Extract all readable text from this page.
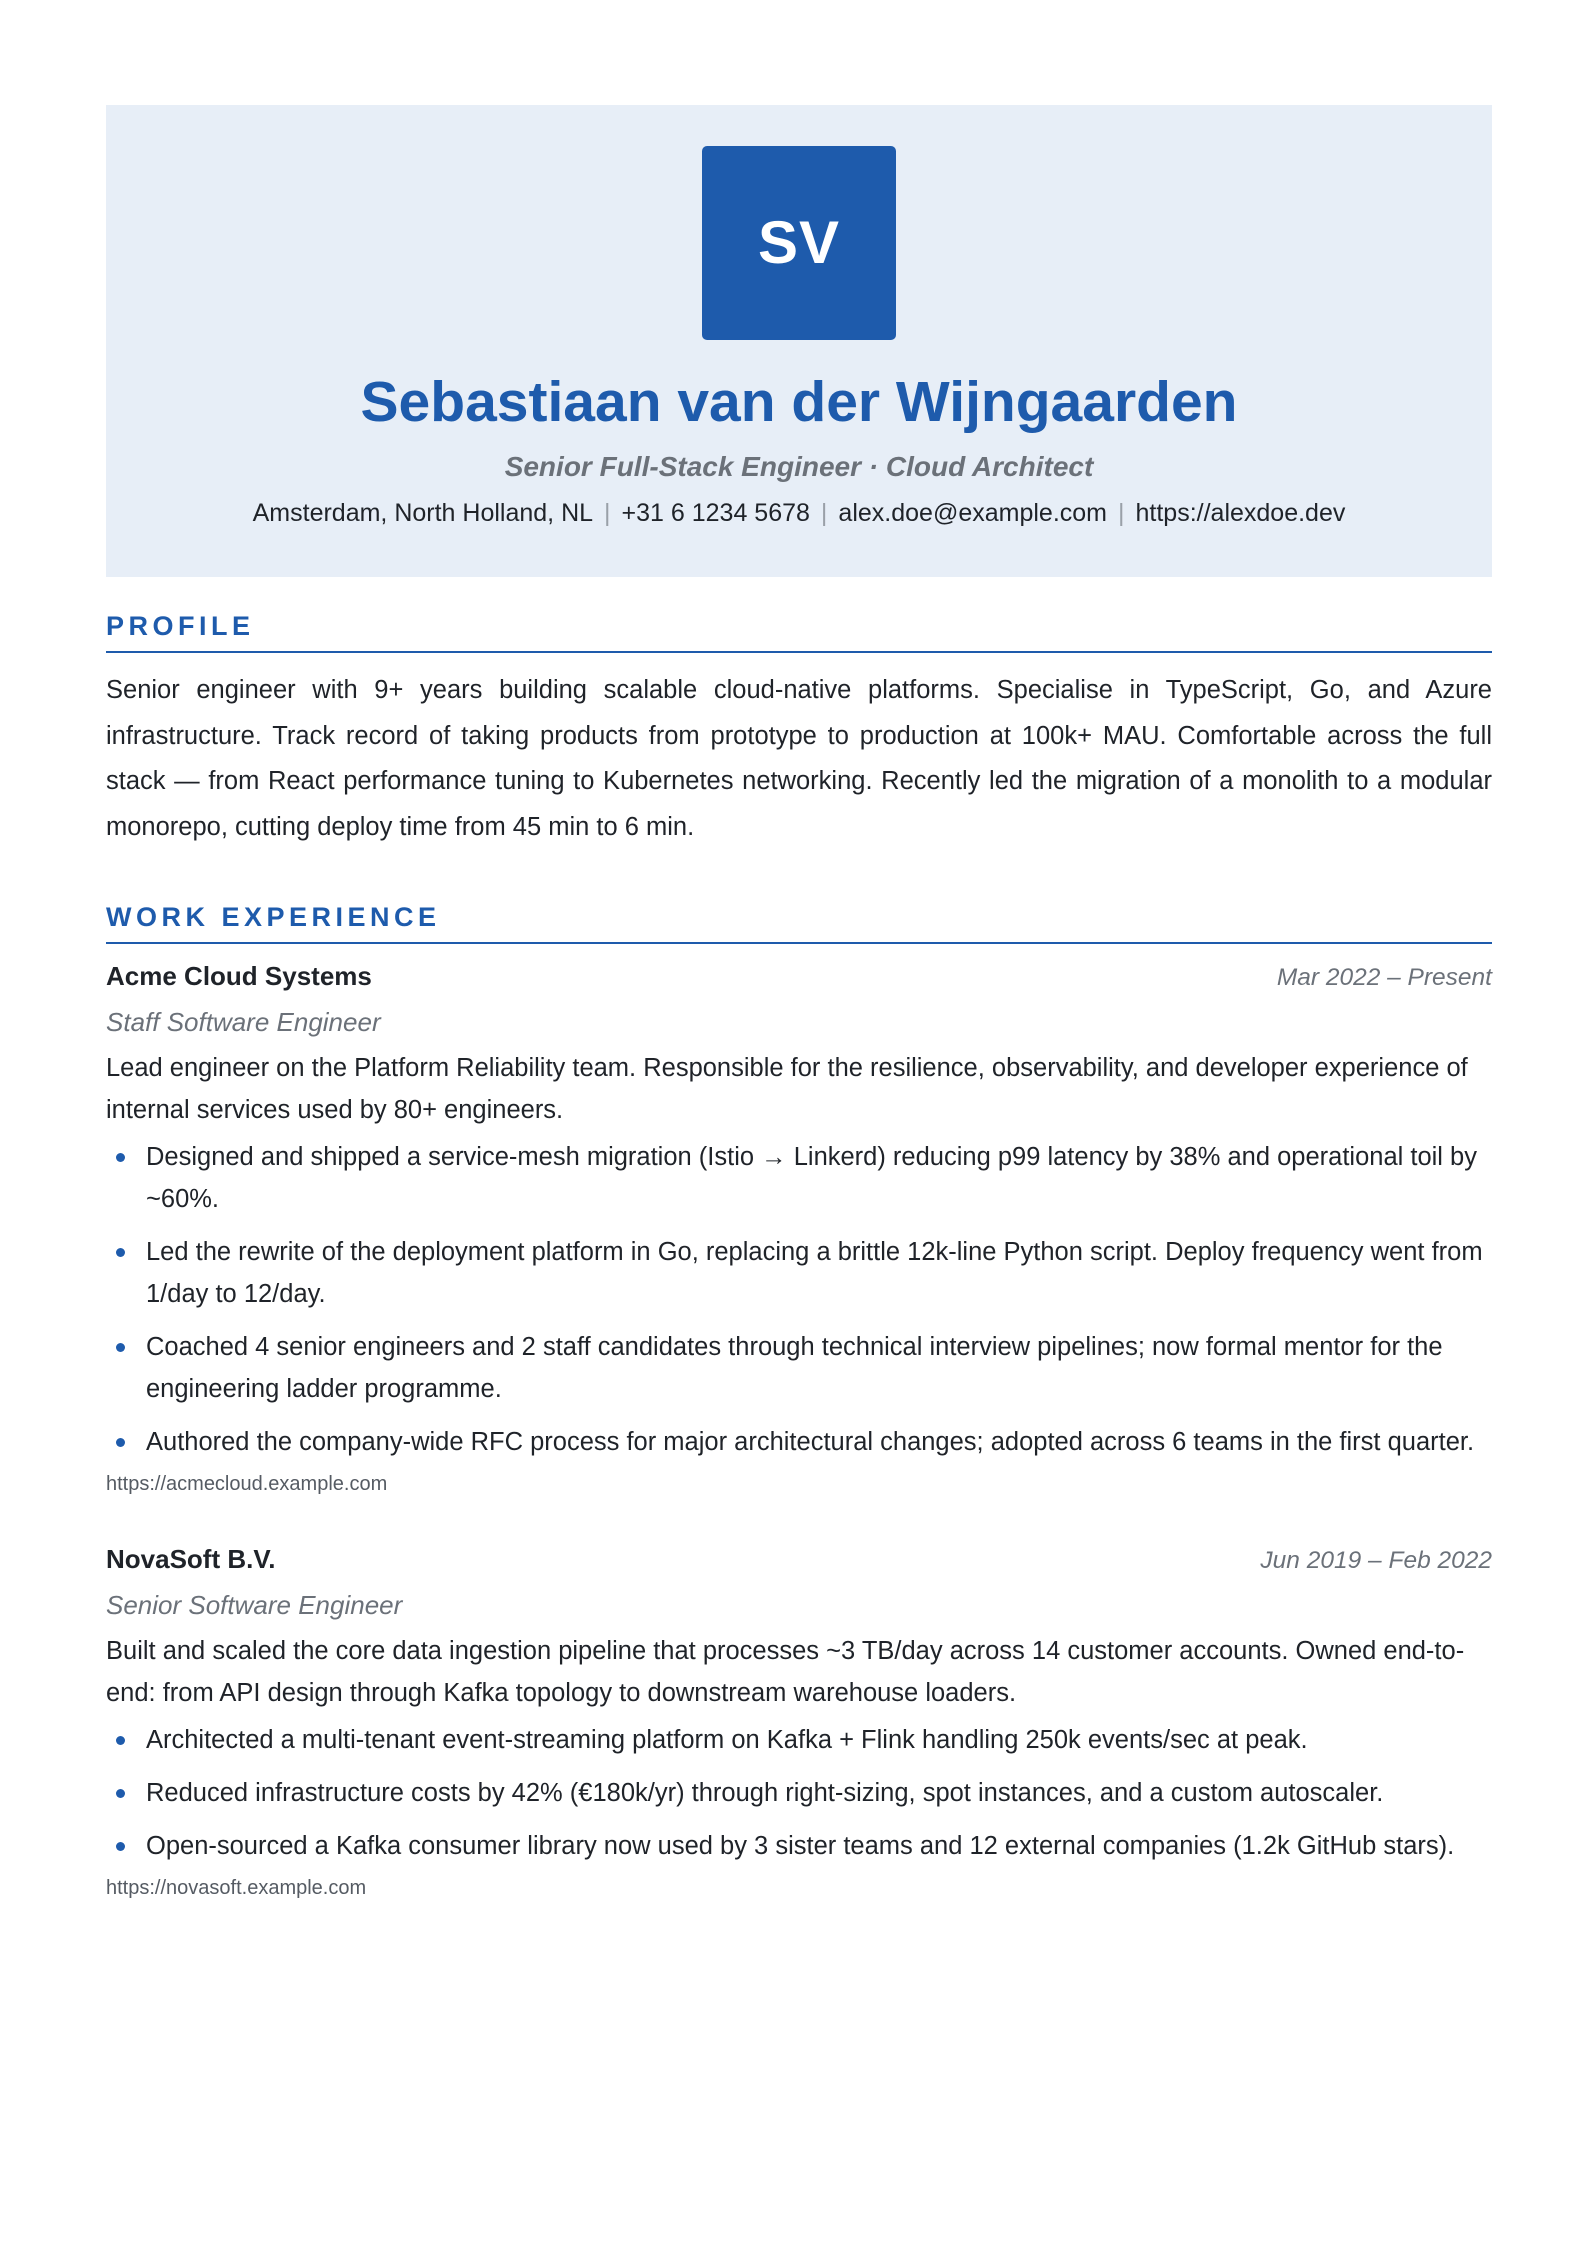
SV
Sebastiaan van der Wijngaarden
Senior Full-Stack Engineer · Cloud Architect
Amsterdam, North Holland, NL | +31 6 1234 5678 | alex.doe@example.com | https://alexdoe.dev
PROFILE

Senior engineer with 9+ years building scalable cloud-native platforms. Specialise in TypeScript, Go, and Azure infrastructure. Track record of taking products from prototype to production at 100k+ MAU. Comfortable across the full stack — from React performance tuning to Kubernetes networking. Recently led the migration of a monolith to a modular monorepo, cutting deploy time from 45 min to 6 min.

WORK EXPERIENCE
Acme Cloud Systems	Mar 2022 – Present
Staff Software Engineer
Lead engineer on the Platform Reliability team. Responsible for the resilience, observability, and developer experience of internal services used by 80+ engineers.
Designed and shipped a service-mesh migration (Istio → Linkerd) reducing p99 latency by 38% and operational toil by ~60%.
Led the rewrite of the deployment platform in Go, replacing a brittle 12k-line Python script. Deploy frequency went from 1/day to 12/day.
Coached 4 senior engineers and 2 staff candidates through technical interview pipelines; now formal mentor for the engineering ladder programme.
Authored the company-wide RFC process for major architectural changes; adopted across 6 teams in the first quarter.
https://acmecloud.example.com
NovaSoft B.V.	Jun 2019 – Feb 2022
Senior Software Engineer
Built and scaled the core data ingestion pipeline that processes ~3 TB/day across 14 customer accounts. Owned end-to-end: from API design through Kafka topology to downstream warehouse loaders.
Architected a multi-tenant event-streaming platform on Kafka + Flink handling 250k events/sec at peak.
Reduced infrastructure costs by 42% (€180k/yr) through right-sizing, spot instances, and a custom autoscaler.
Open-sourced a Kafka consumer library now used by 3 sister teams and 12 external companies (1.2k GitHub stars).
https://novasoft.example.com
